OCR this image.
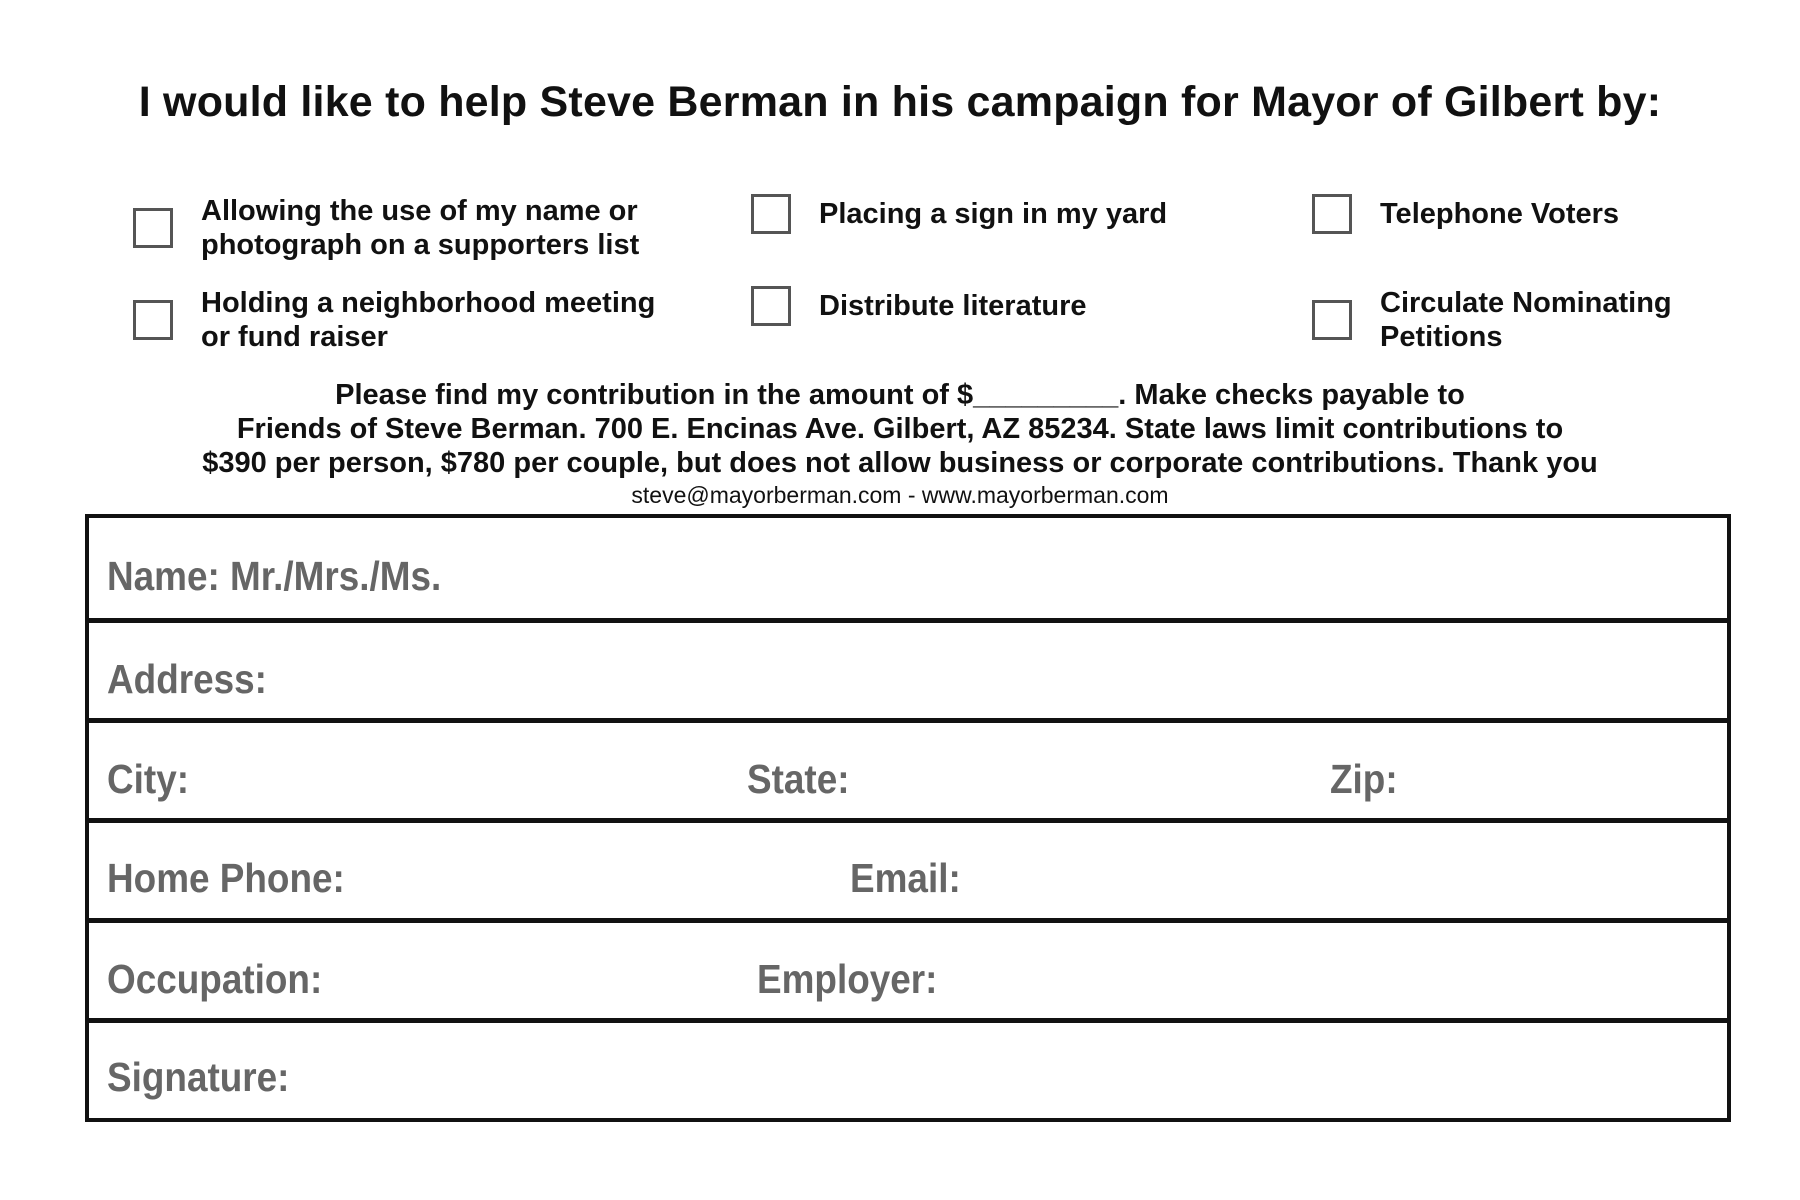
I would like to help Steve Berman in his campaign for Mayor of Gilbert by:
Allowing the use of my name or
photograph on a supporters list
Placing a sign in my yard	Telephone Voters
Holding a neighborhood meeting
or fund raiser
Distribute literature	Circulate Nominating
Petitions
Please find my contribution in the amount of $_________. Make checks payable to
Friends of Steve Berman. 700 E. Encinas Ave. Gilbert, AZ 85234. State laws limit contributions to
$390 per person, $780 per couple, but does not allow business or corporate contributions. Thank you
steve@mayorberman.com - www.mayorberman.com
Name: Mr./Mrs./Ms.
Address:
City:	State:	Zip:
Home Phone:	Email:
Occupation:	Employer:
Signature:
